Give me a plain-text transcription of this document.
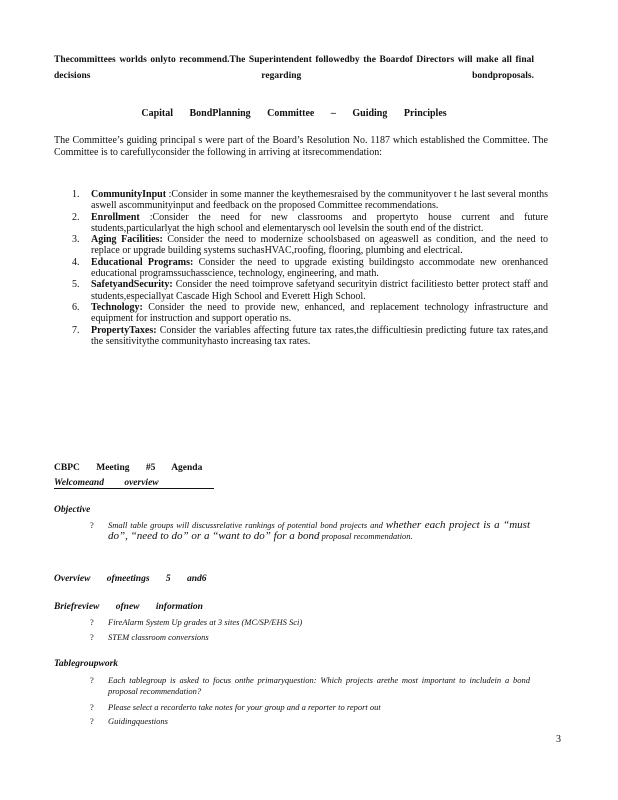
Thecommittees worlds onlyto recommend.The Superintendent followedby the Boardof Directors will make all final decisions regarding bondproposals.
Capital BondPlanning Committee – Guiding Principles
The Committee’s guiding principal s were part of the Board’s Resolution No. 1187 which established the Committee. The Committee is to carefullyconsider the following in arriving at itsrecommendation:
1. CommunityInput :Consider in some manner the keythemesraised by the communityover t he last several months aswell ascommunityinput and feedback on the proposed Committee recommendations.
2. Enrollment :Consider the need for new classrooms and propertyto house current and future students,particularlyat the high school and elementarysch ool levelsin the south end of the district.
3. Aging Facilities: Consider the need to modernize schoolsbased on ageaswell as condition, and the need to replace or upgrade building systems suchasHVAC,roofing, flooring, plumbing and electrical.
4. Educational Programs: Consider the need to upgrade existing buildingsto accommodate new orenhanced educational programssuchasscience, technology, engineering, and math.
5. SafetyandSecurity: Consider the need toimprove safetyand securityin district facilitiesto better protect staff and students,especiallyat Cascade High School and Everett High School.
6. Technology: Consider the need to provide new, enhanced, and replacement technology infrastructure and equipment for instruction and support operatio ns.
7. PropertyTaxes: Consider the variables affecting future tax rates,the difficultiesin predicting future tax rates,and the sensitivitythe communityhasto increasing tax rates.
CBPC Meeting #5 Agenda
Welcomeand overview
Objective
? Small table groups will discussrelative rankings of potential bond projects and whether each project is a “must do”, “need to do” or a “want to do” for a bond proposal recommendation.
Overview ofmeetings 5 and6
Briefreview ofnew information
? FireAlarm System Up grades at 3 sites (MC/SP/EHS Sci)
? STEM classroom conversions
Tablegroupwork
? Each tablegroup is asked to focus onthe primaryquestion: Which projects arethe most important to includein a bond proposal recommendation?
? Please select a recorderto take notes for your group and a reporter to report out
? Guidingquestions
3
